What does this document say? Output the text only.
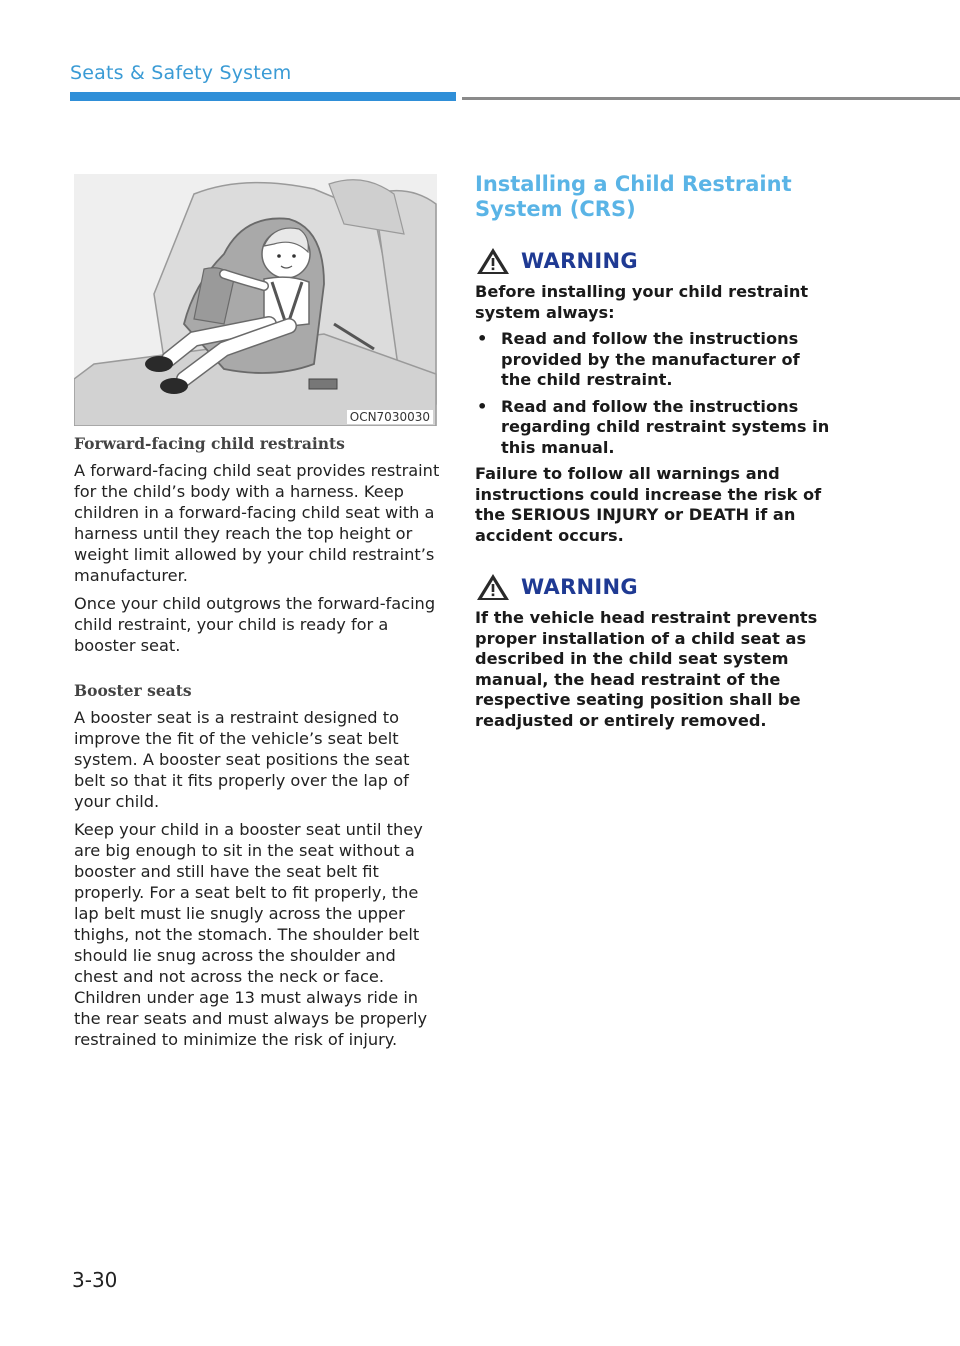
Seats & Safety System
OCN7030030
Forward-facing child restraints

A forward-facing child seat provides restraint for the child’s body with a harness. Keep children in a forward-facing child seat with a harness until they reach the top height or weight limit allowed by your child restraint’s manufacturer.

Once your child outgrows the forward-facing child restraint, your child is ready for a booster seat.

Booster seats

A booster seat is a restraint designed to improve the fit of the vehicle’s seat belt system. A booster seat positions the seat belt so that it fits properly over the lap of your child.

Keep your child in a booster seat until they are big enough to sit in the seat without a booster and still have the seat belt fit properly. For a seat belt to fit properly, the lap belt must lie snugly across the upper thighs, not the stomach. The shoulder belt should lie snug across the shoulder and chest and not across the neck or face. Children under age 13 must always ride in the rear seats and must always be properly restrained to minimize the risk of injury.

Installing a Child Restraint System (CRS)
WARNING

Before installing your child restraint system always:

• Read and follow the instructions provided by the manufacturer of the child restraint.
• Read and follow the instructions regarding child restraint systems in this manual.

Failure to follow all warnings and instructions could increase the risk of the SERIOUS INJURY or DEATH if an accident occurs.

WARNING

If the vehicle head restraint prevents proper installation of a child seat as described in the child seat system manual, the head restraint of the respective seating position shall be readjusted or entirely removed.

3-30
